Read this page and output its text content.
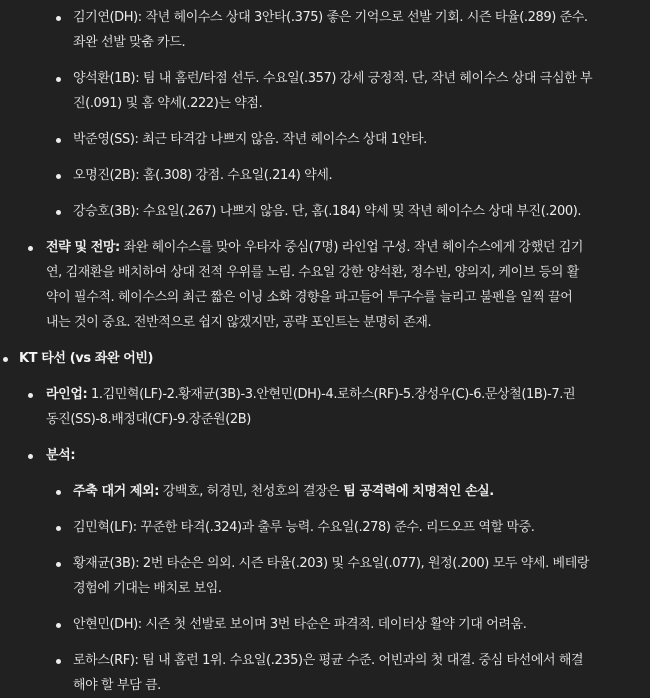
김기연(DH): 작년 헤이수스 상대 3안타(.375) 좋은 기억으로 선발 기회. 시즌 타율(.289) 준수.
좌완 선발 맞춤 카드.
양석환(1B): 팀 내 홈런/타점 선두. 수요일(.357) 강세 긍정적. 단, 작년 헤이수스 상대 극심한 부
진(.091) 및 홈 약세(.222)는 약점.
박준영(SS): 최근 타격감 나쁘지 않음. 작년 헤이수스 상대 1안타.
오명진(2B): 홈(.308) 강점. 수요일(.214) 약세.
강승호(3B): 수요일(.267) 나쁘지 않음. 단, 홈(.184) 약세 및 작년 헤이수스 상대 부진(.200).
전략 및 전망: 좌완 헤이수스를 맞아 우타자 중심(7명) 라인업 구성. 작년 헤이수스에게 강했던 김기
연, 김재환을 배치하여 상대 전적 우위를 노림. 수요일 강한 양석환, 정수빈, 양의지, 케이브 등의 활
약이 필수적. 헤이수스의 최근 짧은 이닝 소화 경향을 파고들어 투구수를 늘리고 불펜을 일찍 끌어
내는 것이 중요. 전반적으로 쉽지 않겠지만, 공략 포인트는 분명히 존재.
KT 타선 (vs 좌완 어빈)
라인업: 1.김민혁(LF)-2.황재균(3B)-3.안현민(DH)-4.로하스(RF)-5.장성우(C)-6.문상철(1B)-7.권
동진(SS)-8.배정대(CF)-9.장준원(2B)
분석:
주축 대거 제외: 강백호, 허경민, 천성호의 결장은 팀 공격력에 치명적인 손실.
김민혁(LF): 꾸준한 타격(.324)과 출루 능력. 수요일(.278) 준수. 리드오프 역할 막중.
황재균(3B): 2번 타순은 의외. 시즌 타율(.203) 및 수요일(.077), 원정(.200) 모두 약세. 베테랑
경험에 기대는 배치로 보임.
안현민(DH): 시즌 첫 선발로 보이며 3번 타순은 파격적. 데이터상 활약 기대 어려움.
로하스(RF): 팀 내 홈런 1위. 수요일(.235)은 평균 수준. 어빈과의 첫 대결. 중심 타선에서 해결
해야 할 부담 큼.
